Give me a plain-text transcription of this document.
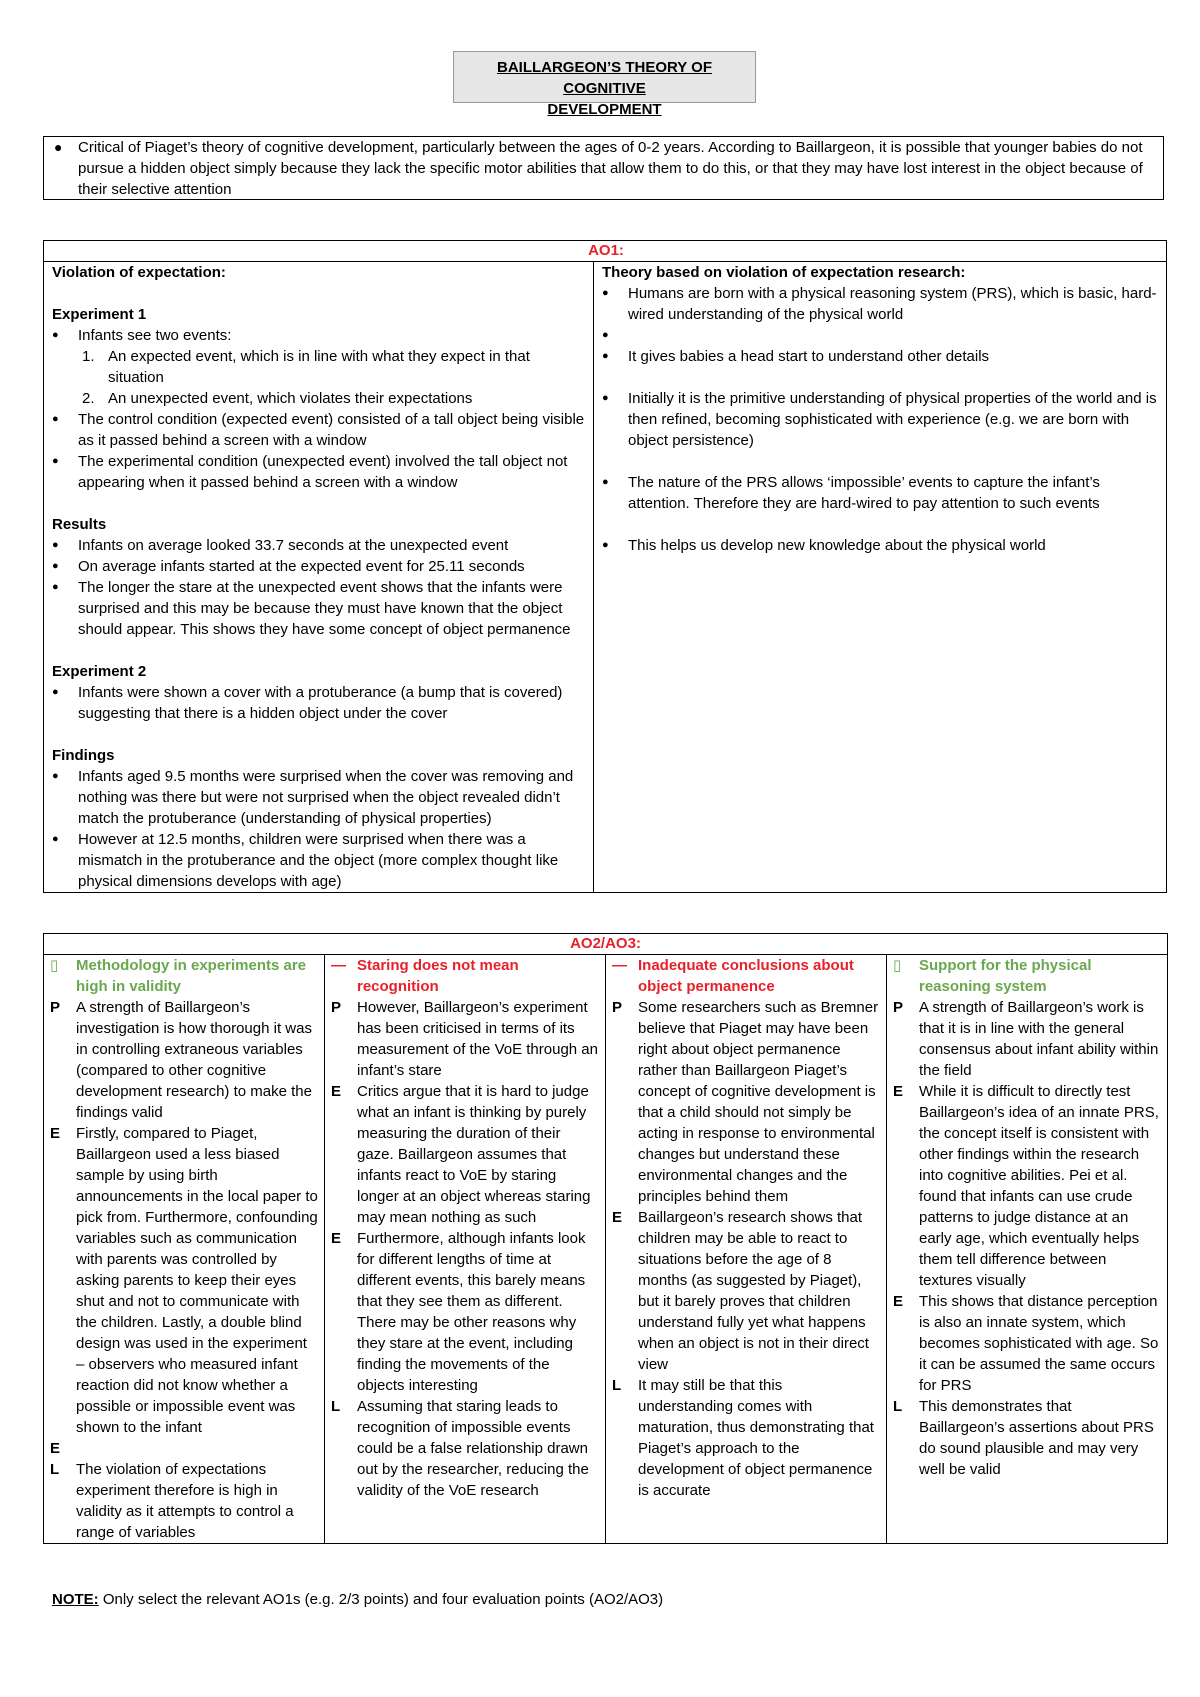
BAILLARGEON’S THEORY OF COGNITIVE
DEVELOPMENT
● Critical of Piaget’s theory of cognitive development, particularly between the ages of 0-2 years. According to Baillargeon, it is possible that younger babies do not pursue a hidden object simply because they lack the specific motor abilities that allow them to do this, or that they may have lost interest in the object because of their selective attention
AO1:

Violation of expectation:
Experiment 1
● Infants see two events:
1. An expected event, which is in line with what they expect in that situation
2. An unexpected event, which violates their expectations
● The control condition (expected event) consisted of a tall object being visible as it passed behind a screen with a window
● The experimental condition (unexpected event) involved the tall object not appearing when it passed behind a screen with a window
Results
● Infants on average looked 33.7 seconds at the unexpected event
● On average infants started at the expected event for 25.11 seconds
● The longer the stare at the unexpected event shows that the infants were surprised and this may be because they must have known that the object should appear. This shows they have some concept of object permanence
Experiment 2
● Infants were shown a cover with a protuberance (a bump that is covered) suggesting that there is a hidden object under the cover
Findings
● Infants aged 9.5 months were surprised when the cover was removing and nothing was there but were not surprised when the object revealed didn’t match the protuberance (understanding of physical properties)
● However at 12.5 months, children were surprised when there was a mismatch in the protuberance and the object (more complex thought like physical dimensions develops with age)

Theory based on violation of expectation research:
● Humans are born with a physical reasoning system (PRS), which is basic, hard-wired understanding of the physical world
●
● It gives babies a head start to understand other details
● Initially it is the primitive understanding of physical properties of the world and is then refined, becoming sophisticated with experience (e.g. we are born with object persistence)
● The nature of the PRS allows ‘impossible’ events to capture the infant’s attention. Therefore they are hard-wired to pay attention to such events
● This helps us develop new knowledge about the physical world
AO2/AO3:

▯ Methodology in experiments are high in validity
P A strength of Baillargeon’s investigation is how thorough it was in controlling extraneous variables (compared to other cognitive development research) to make the findings valid
E Firstly, compared to Piaget, Baillargeon used a less biased sample by using birth announcements in the local paper to pick from. Furthermore, confounding variables such as communication with parents was controlled by asking parents to keep their eyes shut and not to communicate with the children. Lastly, a double blind design was used in the experiment – observers who measured infant reaction did not know whether a possible or impossible event was shown to the infant
E
L The violation of expectations experiment therefore is high in validity as it attempts to control a range of variables

— Staring does not mean recognition
P However, Baillargeon’s experiment has been criticised in terms of its measurement of the VoE through an infant’s stare
E Critics argue that it is hard to judge what an infant is thinking by purely measuring the duration of their gaze. Baillargeon assumes that infants react to VoE by staring longer at an object whereas staring may mean nothing as such
E Furthermore, although infants look for different lengths of time at different events, this barely means that they see them as different. There may be other reasons why they stare at the event, including finding the movements of the objects interesting
L Assuming that staring leads to recognition of impossible events could be a false relationship drawn out by the researcher, reducing the validity of the VoE research

— Inadequate conclusions about object permanence
P Some researchers such as Bremner believe that Piaget may have been right about object permanence rather than Baillargeon Piaget’s concept of cognitive development is that a child should not simply be acting in response to environmental changes but understand these environmental changes and the principles behind them
E Baillargeon’s research shows that children may be able to react to situations before the age of 8 months (as suggested by Piaget), but it barely proves that children understand fully yet what happens when an object is not in their direct view
L It may still be that this understanding comes with maturation, thus demonstrating that Piaget’s approach to the development of object permanence is accurate

▯ Support for the physical reasoning system
P A strength of Baillargeon’s work is that it is in line with the general consensus about infant ability within the field
E While it is difficult to directly test Baillargeon’s idea of an innate PRS, the concept itself is consistent with other findings within the research into cognitive abilities. Pei et al. found that infants can use crude patterns to judge distance at an early age, which eventually helps them tell difference between textures visually
E This shows that distance perception is also an innate system, which becomes sophisticated with age. So it can be assumed the same occurs for PRS
L This demonstrates that Baillargeon’s assertions about PRS do sound plausible and may very well be valid
NOTE: Only select the relevant AO1s (e.g. 2/3 points) and four evaluation points (AO2/AO3)
